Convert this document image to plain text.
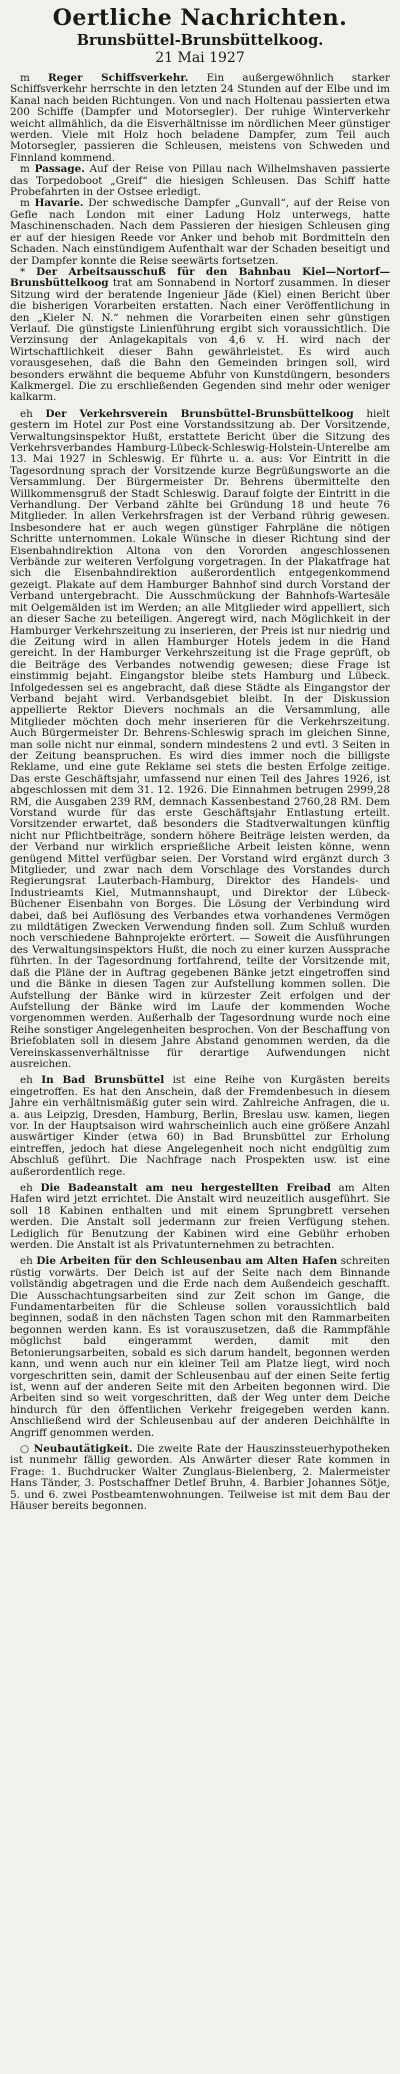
Oertliche Nachrichten.
Brunsbüttel-Brunsbüttelkoog.
21 Mai 1927

m Reger Schiffsverkehr. Ein außergewöhnlich starker Schiffsverkehr herrschte in den letzten 24 Stunden auf der Elbe und im Kanal nach beiden Richtungen. Von und nach Holtenau passierten etwa 200 Schiffe (Dampfer und Motorsegler). Der ruhige Winterverkehr weicht allmählich, da die Eisverhältnisse im nördlichen Meer günstiger werden. Viele mit Holz hoch beladene Dampfer, zum Teil auch Motorsegler, passieren die Schleusen, meistens von Schweden und Finnland kommend.

m Passage. Auf der Reise von Pillau nach Wilhelmshaven passierte das Torpedoboot „Greif“ die hiesigen Schleusen. Das Schiff hatte Probefahrten in der Ostsee erledigt.

m Havarie. Der schwedische Dampfer „Gunvall“, auf der Reise von Gefle nach London mit einer Ladung Holz unterwegs, hatte Maschinenschaden. Nach dem Passieren der hiesigen Schleusen ging er auf der hiesigen Reede vor Anker und behob mit Bordmitteln den Schaden. Nach einstündigem Aufenthalt war der Schaden beseitigt und der Dampfer konnte die Reise seewärts fortsetzen.

* Der Arbeitsausschuß für den Bahnbau Kiel—Nortorf—Brunsbüttelkoog trat am Sonnabend in Nortorf zusammen. In dieser Sitzung wird der beratende Ingenieur Jäde (Kiel) einen Bericht über die bisherigen Vorarbeiten erstatten. Nach einer Veröffentlichung in den „Kieler N. N.“ nehmen die Vorarbeiten einen sehr günstigen Verlauf. Die günstigste Linienführung ergibt sich voraussichtlich. Die Verzinsung der Anlagekapitals von 4,6 v. H. wird nach der Wirtschaftlichkeit dieser Bahn gewährleistet. Es wird auch vorausgesehen, daß die Bahn den Gemeinden bringen soll, wird besonders erwähnt die bequeme Abfuhr von Kunstdüngern, besonders Kalkmergel. Die zu erschließenden Gegenden sind mehr oder weniger kalkarm.

eh Der Verkehrsverein Brunsbüttel-Brunsbüttelkoog hielt gestern im Hotel zur Post eine Vorstandssitzung ab. Der Vorsitzende, Verwaltungsinspektor Hußt, erstattete Bericht über die Sitzung des Verkehrsverbandes Hamburg-Lübeck-Schleswig-Holstein-Unterelbe am 13. Mai 1927 in Schleswig. Er führte u. a. aus: Vor Eintritt in die Tagesordnung sprach der Vorsitzende kurze Begrüßungsworte an die Versammlung. Der Bürgermeister Dr. Behrens übermittelte den Willkommensgruß der Stadt Schleswig. Darauf folgte der Eintritt in die Verhandlung. Der Verband zählte bei Gründung 18 und heute 76 Mitglieder. In allen Verkehrsfragen ist der Verband rührig gewesen. Insbesondere hat er auch wegen günstiger Fahrpläne die nötigen Schritte unternommen. Lokale Wünsche in dieser Richtung sind der Eisenbahndirektion Altona von den Vororden angeschlossenen Verbände zur weiteren Verfolgung vorgetragen. In der Plakatfrage hat sich die Eisenbahndirektion außerordentlich entgegenkommend gezeigt. Plakate auf dem Hamburger Bahnhof sind durch Vorstand der Verband untergebracht. Die Ausschmückung der Bahnhofs-Wartesäle mit Oelgemälden ist im Werden; an alle Mitglieder wird appelliert, sich an dieser Sache zu beteiligen. Angeregt wird, nach Möglichkeit in der Hamburger Verkehrszeitung zu inserieren, der Preis ist nur niedrig und die Zeitung wird in allen Hamburger Hotels jedem in die Hand gereicht. In der Hamburger Verkehrszeitung ist die Frage geprüft, ob die Beiträge des Verbandes notwendig gewesen; diese Frage ist einstimmig bejaht. Eingangstor bleibe stets Hamburg und Lübeck. Infolgedessen sei es angebracht, daß diese Städte als Eingangstor der Verband bejaht wird. Verbandsgebiet bleibt. In der Diskussion appellierte Rektor Dievers nochmals an die Versammlung, alle Mitglieder möchten doch mehr inserieren für die Verkehrszeitung. Auch Bürgermeister Dr. Behrens-Schleswig sprach im gleichen Sinne, man solle nicht nur einmal, sondern mindestens 2 und evtl. 3 Seiten in der Zeitung beanspruchen. Es wird dies immer noch die billigste Reklame, und eine gute Reklame sei stets die besten Erfolge zeitige. Das erste Geschäftsjahr, umfassend nur einen Teil des Jahres 1926, ist abgeschlossen mit dem 31. 12. 1926. Die Einnahmen betrugen 2999,28 RM, die Ausgaben 239 RM, demnach Kassenbestand 2760,28 RM. Dem Vorstand wurde für das erste Geschäftsjahr Entlastung erteilt. Vorsitzender erwartet, daß besonders die Stadtverwaltungen künftig nicht nur Pflichtbeiträge, sondern höhere Beiträge leisten werden, da der Verband nur wirklich ersprießliche Arbeit leisten könne, wenn genügend Mittel verfügbar seien. Der Vorstand wird ergänzt durch 3 Mitglieder, und zwar nach dem Vorschlage des Vorstandes durch Regierungsrat Lauterbach-Hamburg, Direktor des Handels- und Industrieamts Kiel, Mutmannshaupt, und Direktor der Lübeck-Büchener Eisenbahn von Borges. Die Lösung der Verbindung wird dabei, daß bei Auflösung des Verbandes etwa vorhandenes Vermögen zu mildtätigen Zwecken Verwendung finden soll. Zum Schluß wurden noch verschiedene Bahnprojekte erörtert. — Soweit die Ausführungen des Verwaltungsinspektors Hußt, die noch zu einer kurzen Aussprache führten. In der Tagesordnung fortfahrend, teilte der Vorsitzende mit, daß die Pläne der in Auftrag gegebenen Bänke jetzt eingetroffen sind und die Bänke in diesen Tagen zur Aufstellung kommen sollen. Die Aufstellung der Bänke wird in kürzester Zeit erfolgen und der Aufstellung der Bänke wird im Laufe der kommenden Woche vorgenommen werden. Außerhalb der Tagesordnung wurde noch eine Reihe sonstiger Angelegenheiten besprochen. Von der Beschaffung von Briefoblaten soll in diesem Jahre Abstand genommen werden, da die Vereinskassenverhältnisse für derartige Aufwendungen nicht ausreichen.

eh In Bad Brunsbüttel ist eine Reihe von Kurgästen bereits eingetroffen. Es hat den Anschein, daß der Fremdenbesuch in diesem Jahre ein verhältnismäßig guter sein wird. Zahlreiche Anfragen, die u. a. aus Leipzig, Dresden, Hamburg, Berlin, Breslau usw. kamen, liegen vor. In der Hauptsaison wird wahrscheinlich auch eine größere Anzahl auswärtiger Kinder (etwa 60) in Bad Brunsbüttel zur Erholung eintreffen, jedoch hat diese Angelegenheit noch nicht endgültig zum Abschluß geführt. Die Nachfrage nach Prospekten usw. ist eine außerordentlich rege.

eh Die Badeanstalt am neu hergestellten Freibad am Alten Hafen wird jetzt errichtet. Die Anstalt wird neuzeitlich ausgeführt. Sie soll 18 Kabinen enthalten und mit einem Sprungbrett versehen werden. Die Anstalt soll jedermann zur freien Verfügung stehen. Lediglich für Benutzung der Kabinen wird eine Gebühr erhoben werden. Die Anstalt ist als Privatunternehmen zu betrachten.

eh Die Arbeiten für den Schleusenbau am Alten Hafen schreiten rüstig vorwärts. Der Deich ist auf der Seite nach dem Binnande vollständig abgetragen und die Erde nach dem Außendeich geschafft. Die Ausschachtungsarbeiten sind zur Zeit schon im Gange, die Fundamentarbeiten für die Schleuse sollen voraussichtlich bald beginnen, sodaß in den nächsten Tagen schon mit den Rammarbeiten begonnen werden kann. Es ist vorauszusetzen, daß die Rammpfähle möglichst bald eingerammt werden, damit mit den Betonierungsarbeiten, sobald es sich darum handelt, begonnen werden kann, und wenn auch nur ein kleiner Teil am Platze liegt, wird noch vorgeschritten sein, damit der Schleusenbau auf der einen Seite fertig ist, wenn auf der anderen Seite mit den Arbeiten begonnen wird. Die Arbeiten sind so weit vorgeschritten, daß der Weg unter dem Deiche hindurch für den öffentlichen Verkehr freigegeben werden kann. Anschließend wird der Schleusenbau auf der anderen Deichhälfte in Angriff genommen werden.

○ Neubautätigkeit. Die zweite Rate der Hauszinssteuerhypotheken ist nunmehr fällig geworden. Als Anwärter dieser Rate kommen in Frage: 1. Buchdrucker Walter Zunglaus-Bielenberg, 2. Malermeister Hans Tänder, 3. Postschaffner Detlef Bruhn, 4. Barbier Johannes Sötje, 5. und 6. zwei Postbeamtenwohnungen. Teilweise ist mit dem Bau der Häuser bereits begonnen.
